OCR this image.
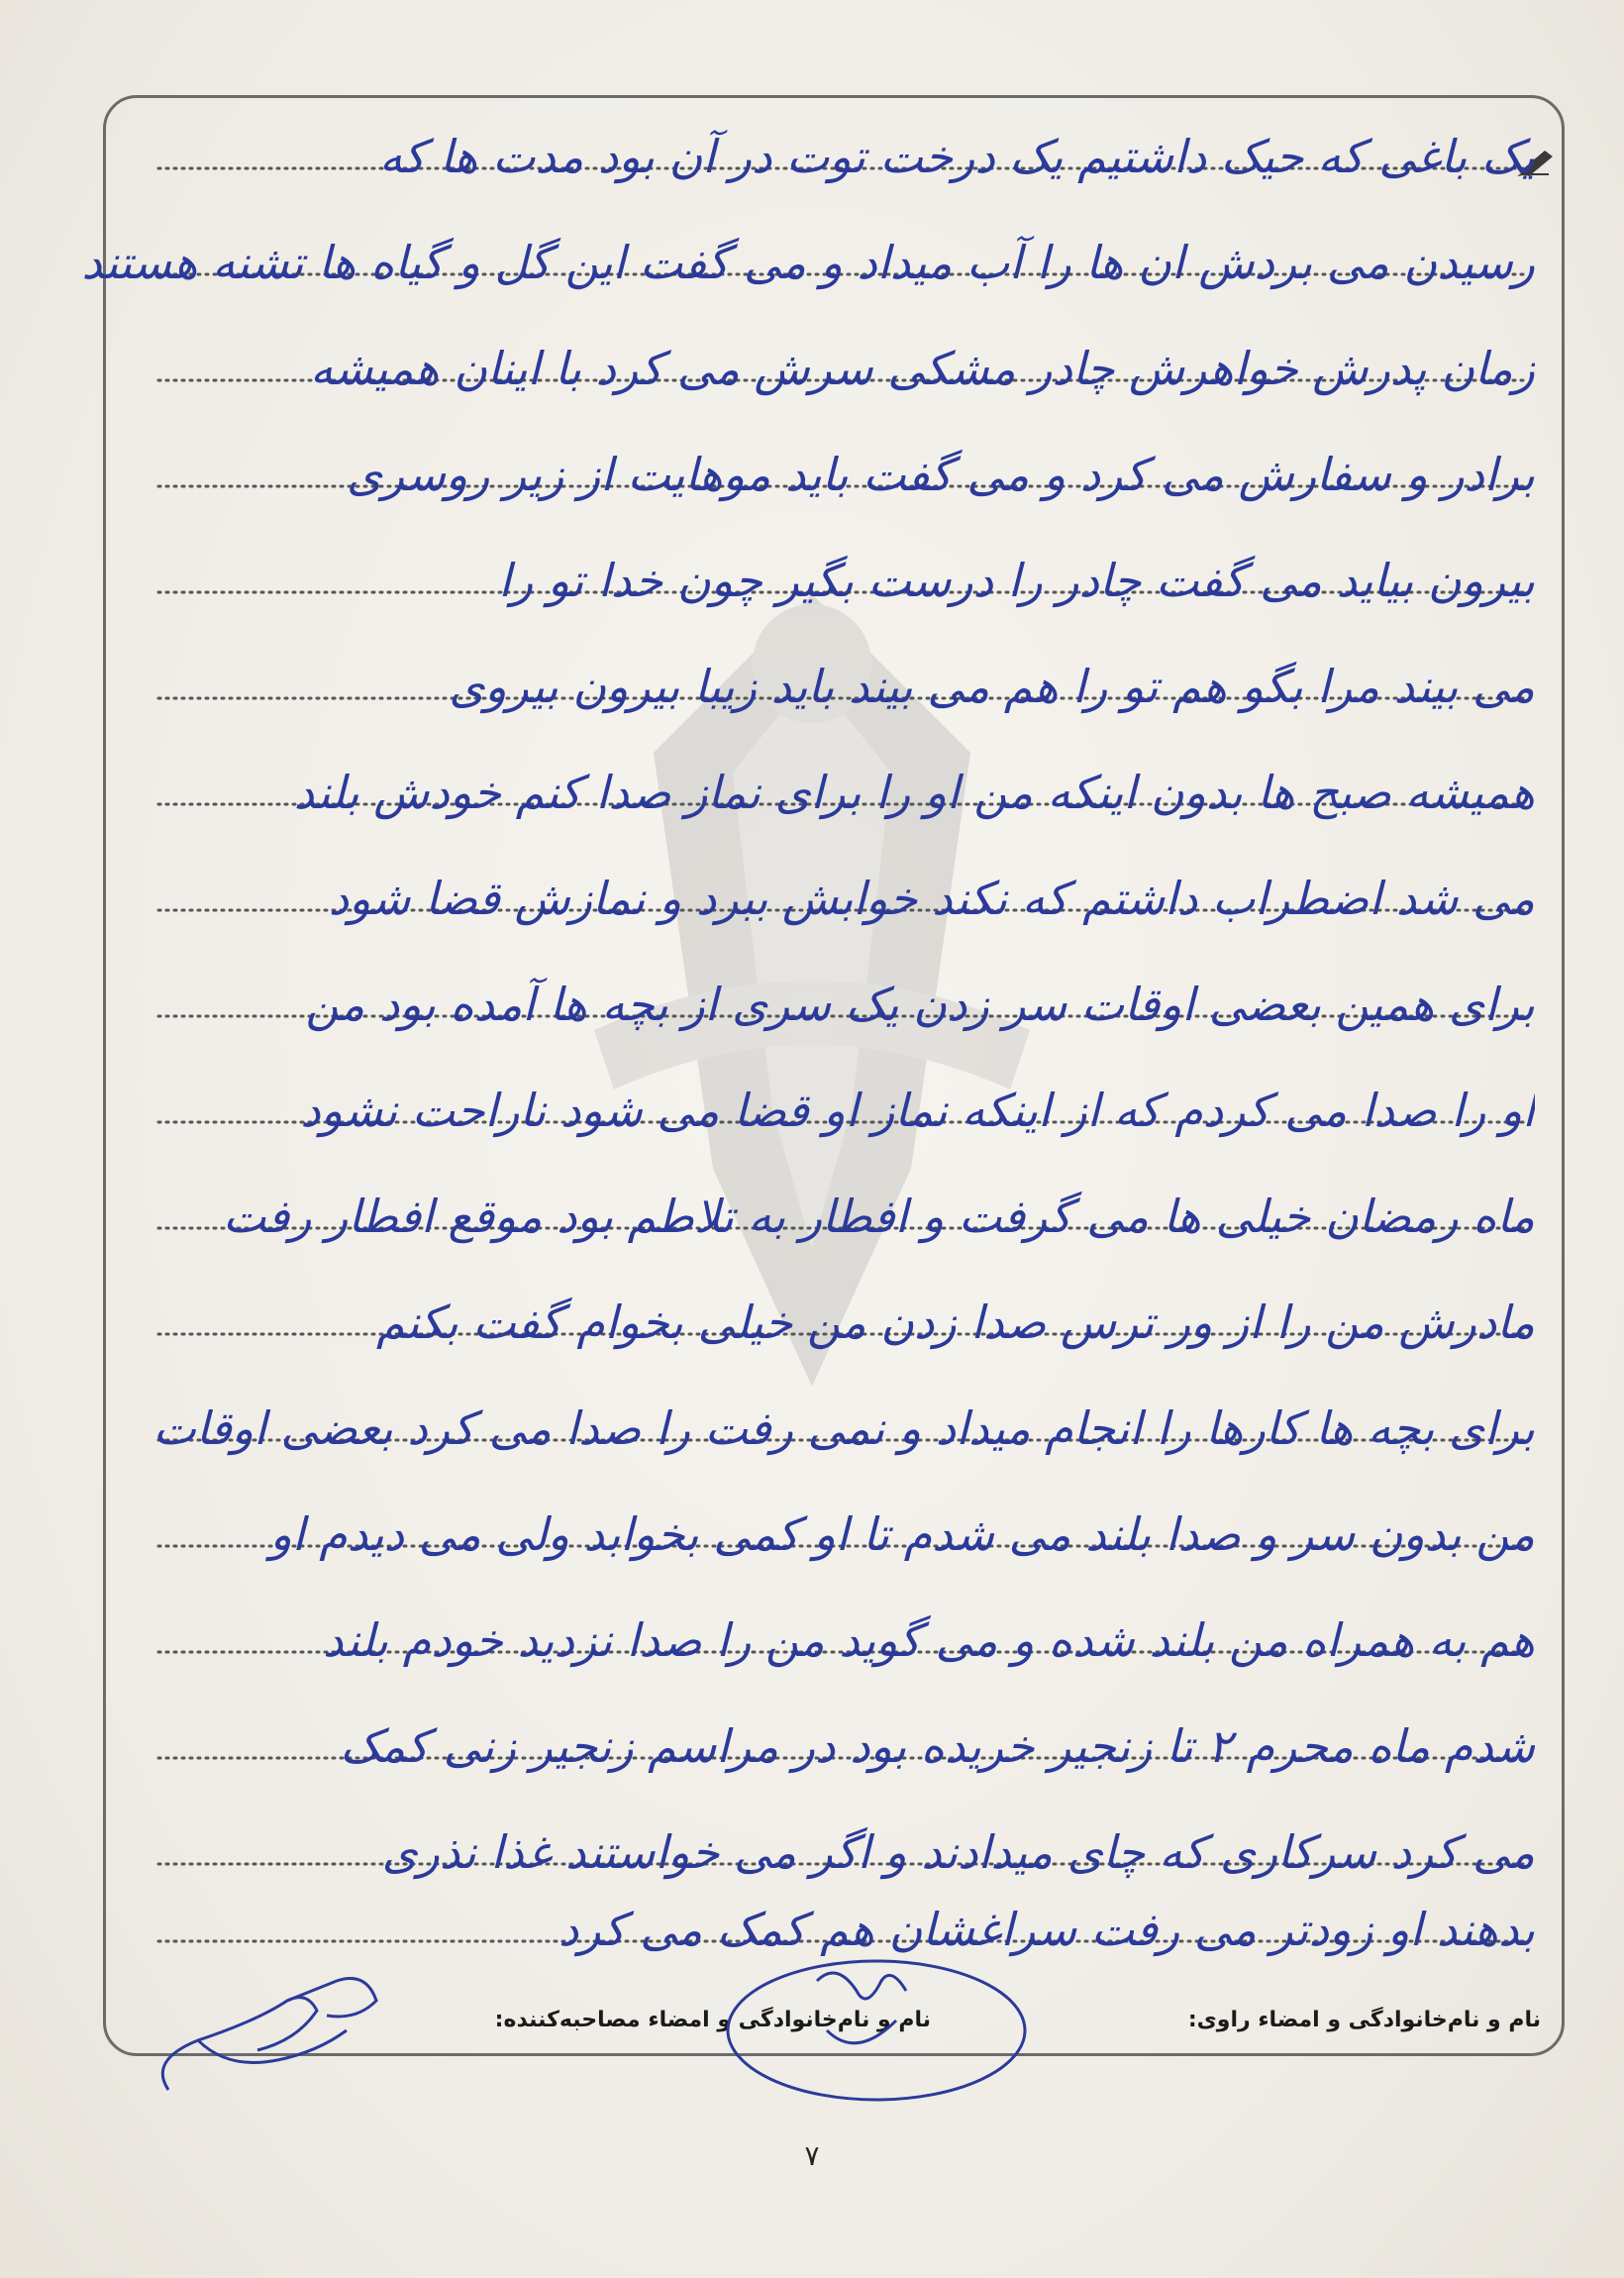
یک باغی که حیک داشتیم یک درخت توت در آن بود مدت ها که
رسیدن می بردش ان ها را آب میداد و می گفت این گل و گیاه ها تشنه هستند
زمان پدرش خواهرش چادر مشکی سرش می کرد با اینان همیشه
برادر و سفارش می کرد و می گفت باید موهایت از زیر روسری
بیرون بیاید می گفت چادر را درست بگیر چون خدا تو را
می بیند مرا بگو هم تو را هم می بیند باید زیبا بیرون بیروی
همیشه صبح ها بدون اینکه من او را برای نماز صدا کنم خودش بلند
می شد اضطراب داشتم که نکند خوابش ببرد و نمازش قضا شود
برای همین بعضی اوقات سر زدن یک سری از بچه ها آمده بود من
او را صدا می کردم که از اینکه نماز او قضا می شود ناراحت نشود
ماه رمضان خیلی ها می گرفت و افطار به تلاطم بود موقع افطار رفت
مادرش من را از ور ترس صدا زدن من خیلی بخوام گفت بکنم
برای بچه ها کارها را انجام میداد و نمی رفت را صدا می کرد بعضی اوقات
من بدون سر و صدا بلند می شدم تا او کمی بخوابد ولی می دیدم او
هم به همراه من بلند شده و می گوید من را صدا نزدید خودم بلند
شدم ماه محرم ۲ تا زنجیر خریده بود در مراسم زنجیر زنی کمک
می کرد سرکاری که چای میدادند و اگر می خواستند غذا نذری
بدهند او زودتر می رفت سراغشان هم کمک می کرد
نام و نام‌خانوادگی و امضاء راوی:
نام و نام‌خانوادگی و امضاء مصاحبه‌کننده:
۷
